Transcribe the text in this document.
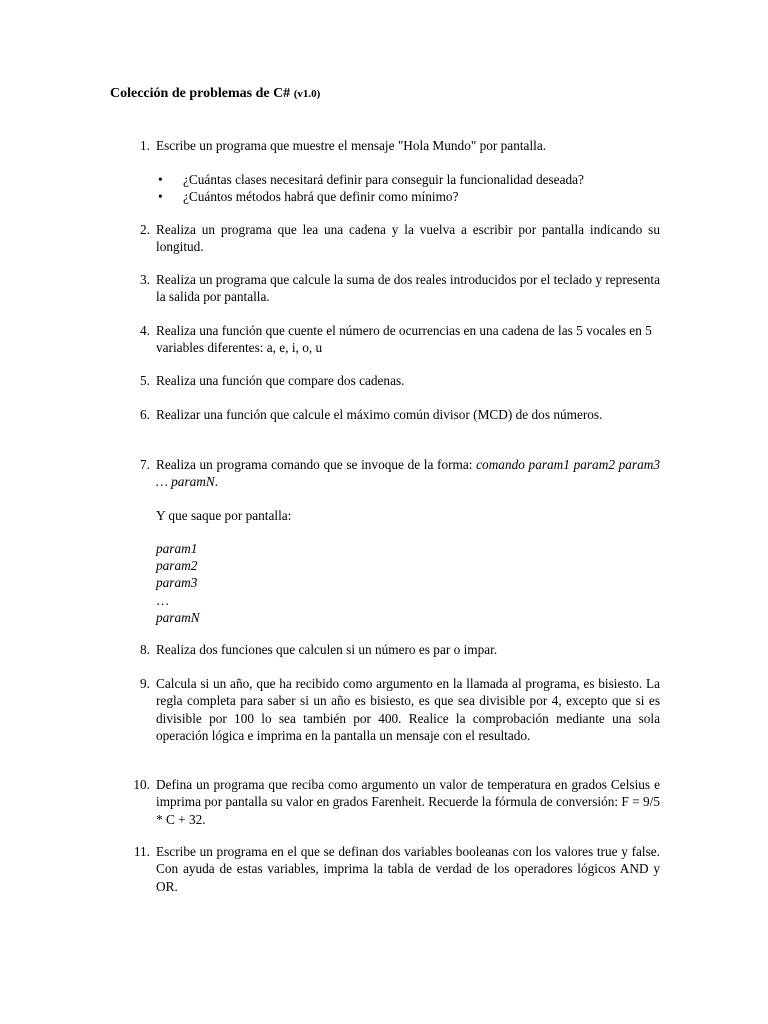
Colección de problemas de C# (v1.0)
1. Escribe un programa que muestre el mensaje "Hola Mundo" por pantalla.
• ¿Cuántas clases necesitará definir para conseguir la funcionalidad deseada?
• ¿Cuántos métodos habrá que definir como mínimo?
2. Realiza un programa que lea una cadena y la vuelva a escribir por pantalla indicando su longitud.
3. Realiza un programa que calcule la suma de dos reales introducidos por el teclado y representa la salida por pantalla.
4. Realiza una función que cuente el número de ocurrencias en una cadena de las 5 vocales en 5 variables diferentes: a, e, i, o, u
5. Realiza una función que compare dos cadenas.
6. Realizar una función que calcule el máximo común divisor (MCD) de dos números.
7. Realiza un programa comando que se invoque de la forma: comando param1 param2 param3 … paramN.
Y que saque por pantalla:
param1
param2
param3
…
paramN
8. Realiza dos funciones que calculen si un número es par o impar.
9. Calcula si un año, que ha recibido como argumento en la llamada al programa, es bisiesto. La regla completa para saber si un año es bisiesto, es que sea divisible por 4, excepto que si es divisible por 100 lo sea también por 400. Realice la comprobación mediante una sola operación lógica e imprima en la pantalla un mensaje con el resultado.
10. Defina un programa que reciba como argumento un valor de temperatura en grados Celsius e imprima por pantalla su valor en grados Farenheit. Recuerde la fórmula de conversión: F = 9/5 * C + 32.
11. Escribe un programa en el que se definan dos variables booleanas con los valores true y false. Con ayuda de estas variables, imprima la tabla de verdad de los operadores lógicos AND y OR.
